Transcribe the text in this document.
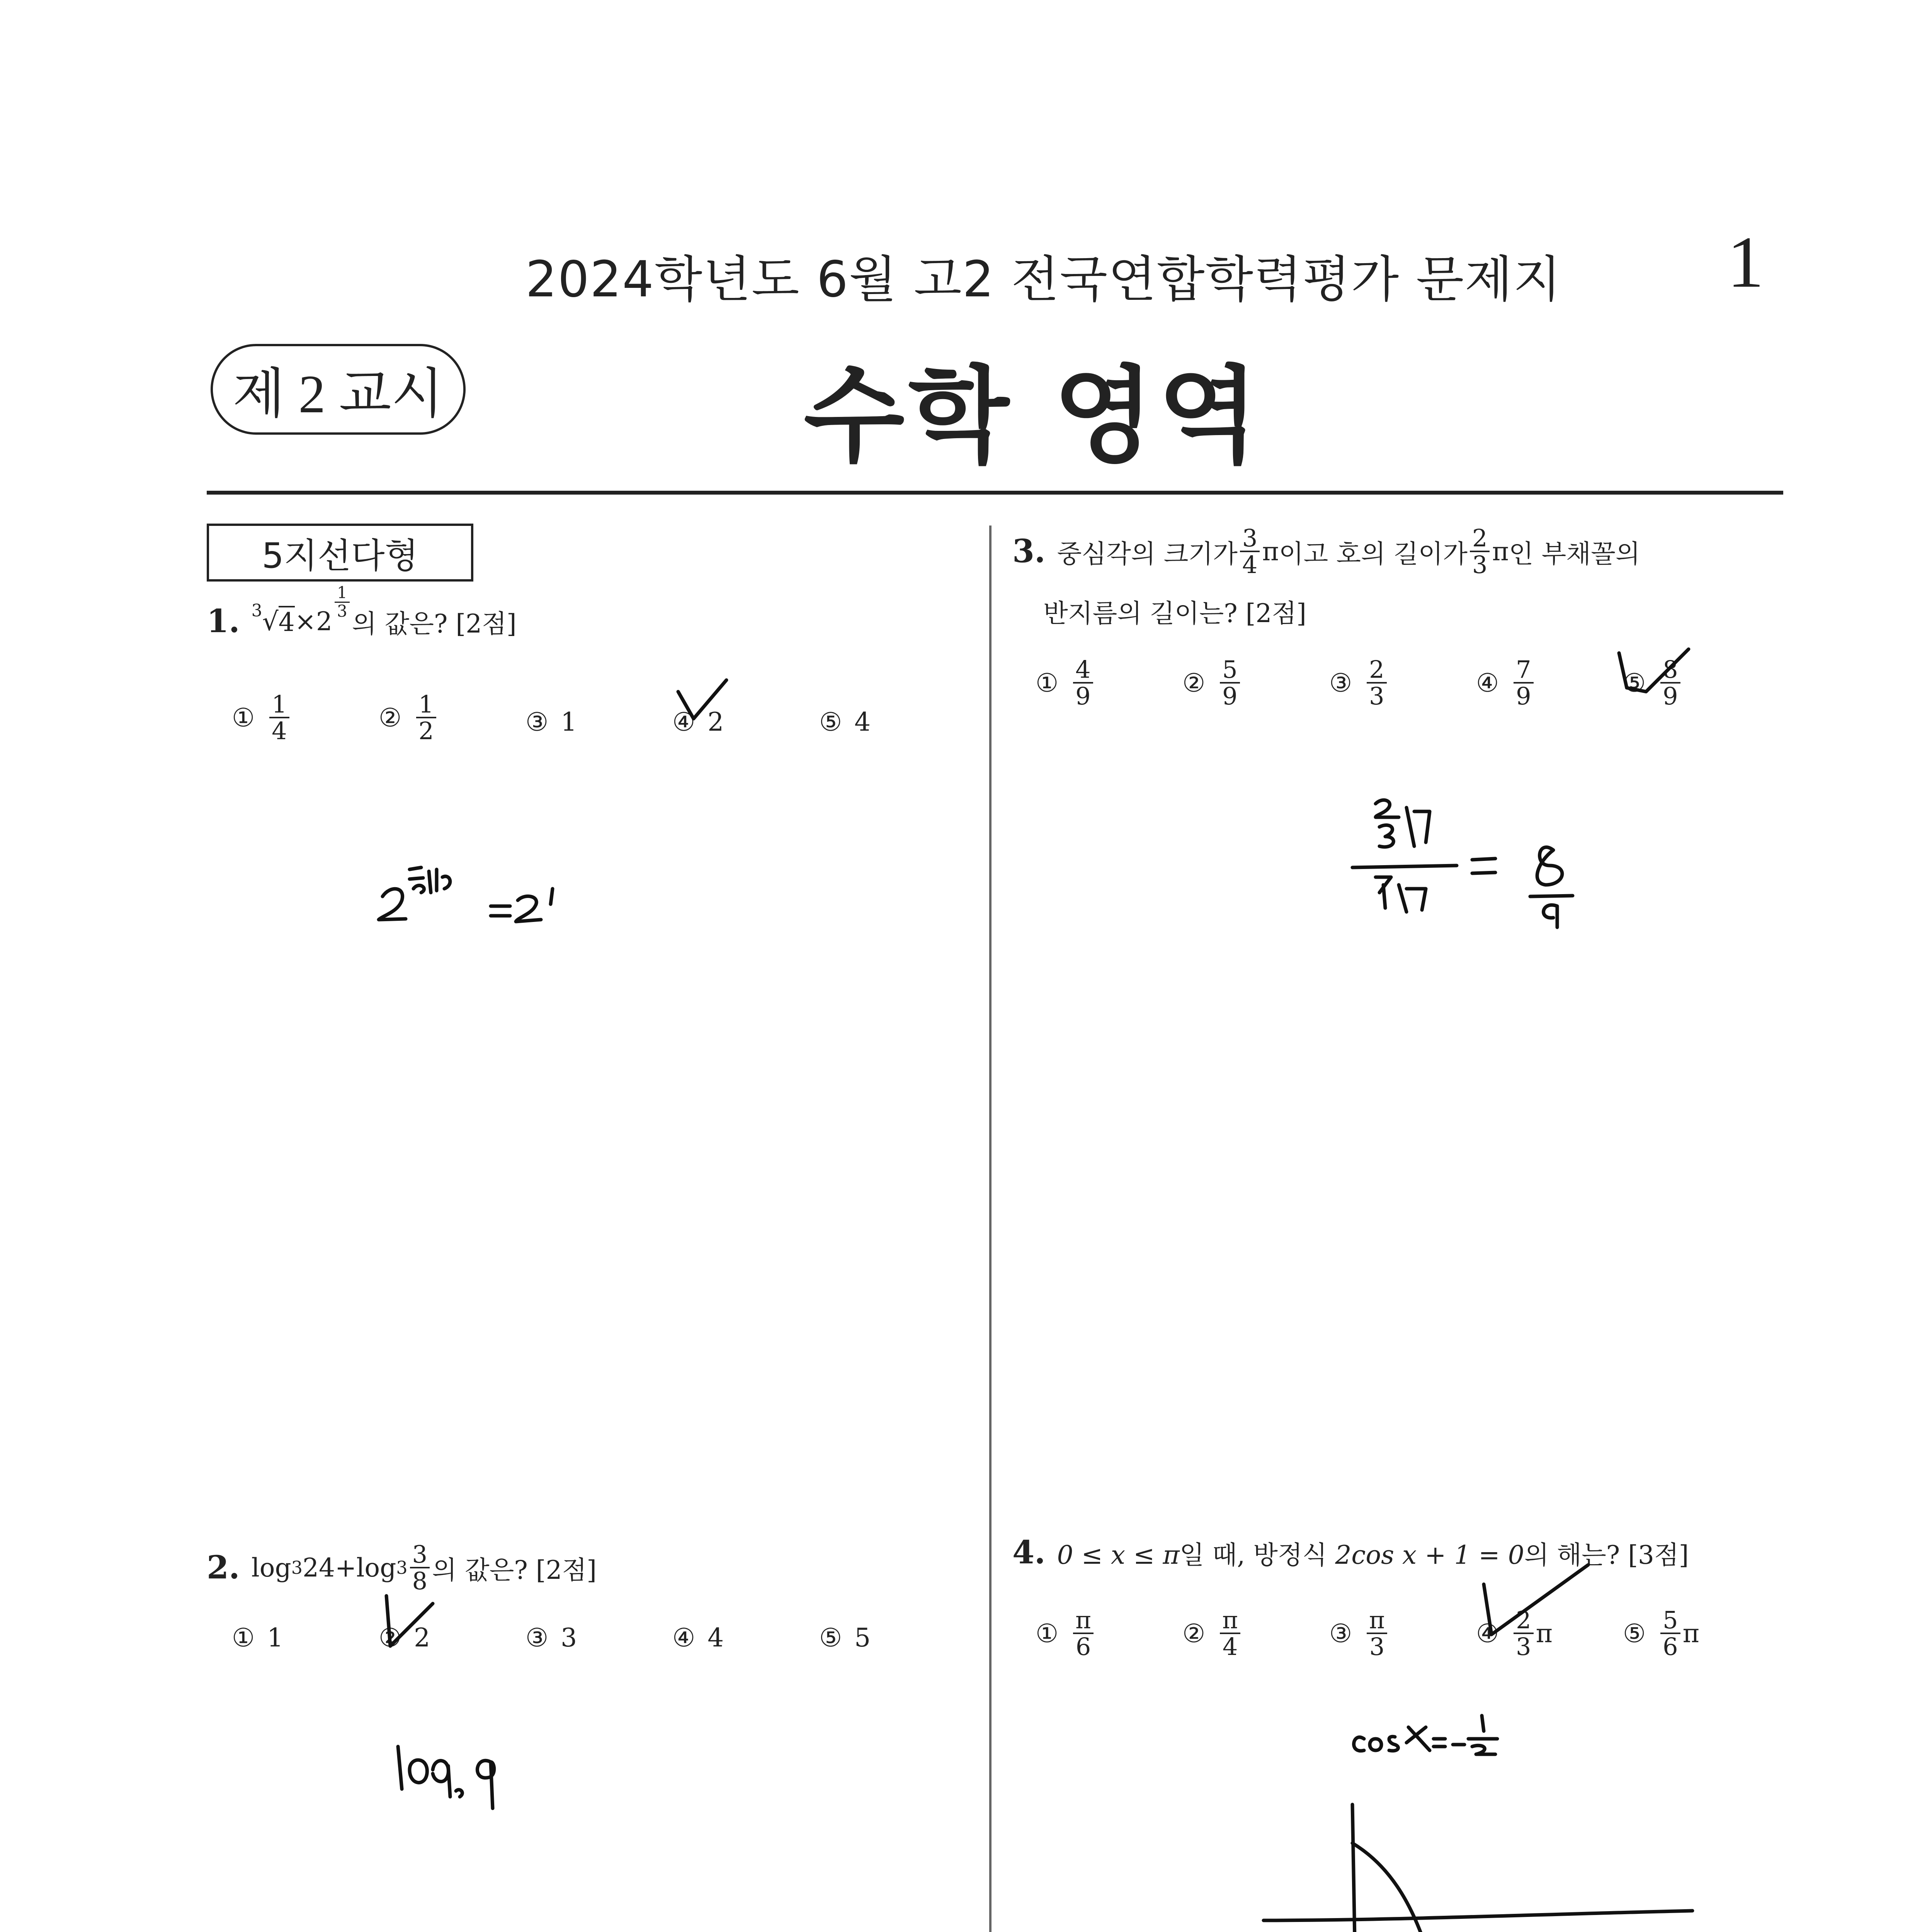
2024학년도 6월 고2 전국연합학력평가 문제지 1
제 2 교시	수학 영역
5지선다형
1. 3 √ 4 × 2
$\frac{1}{3}$
의 값은? [2점]
① $\frac{1}{4}$	② $\frac{1}{2}$	③ 1	④ 2	⑤ 4
2. log 3 $24 + \log 3 \frac{3}{8}$ 의 값은? [2점]
① 1	② 2	③ 3	④ 4	⑤ 5
3. 중심각의 크기가 $\frac{3}{4}$ π 이고 호의 길이가 $\frac{2}{3}$ π 인 부채꼴의
반지름의 길이는? [2점]
① $\frac{4}{9}$	② $\frac{5}{9}$	③ $\frac{2}{3}$	④ $\frac{7}{9}$	⑤ $\frac{8}{9}$
4. 0 ≤ x ≤ π일 때, 방정식 2cos x + 1 = 0의 해는? [3점]
① $\frac{\pi}{6}$	② $\frac{\pi}{4}$	③ $\frac{\pi}{3}$	④ $\frac{2}{3}$ π	⑤ $\frac{5}{6}$ π
